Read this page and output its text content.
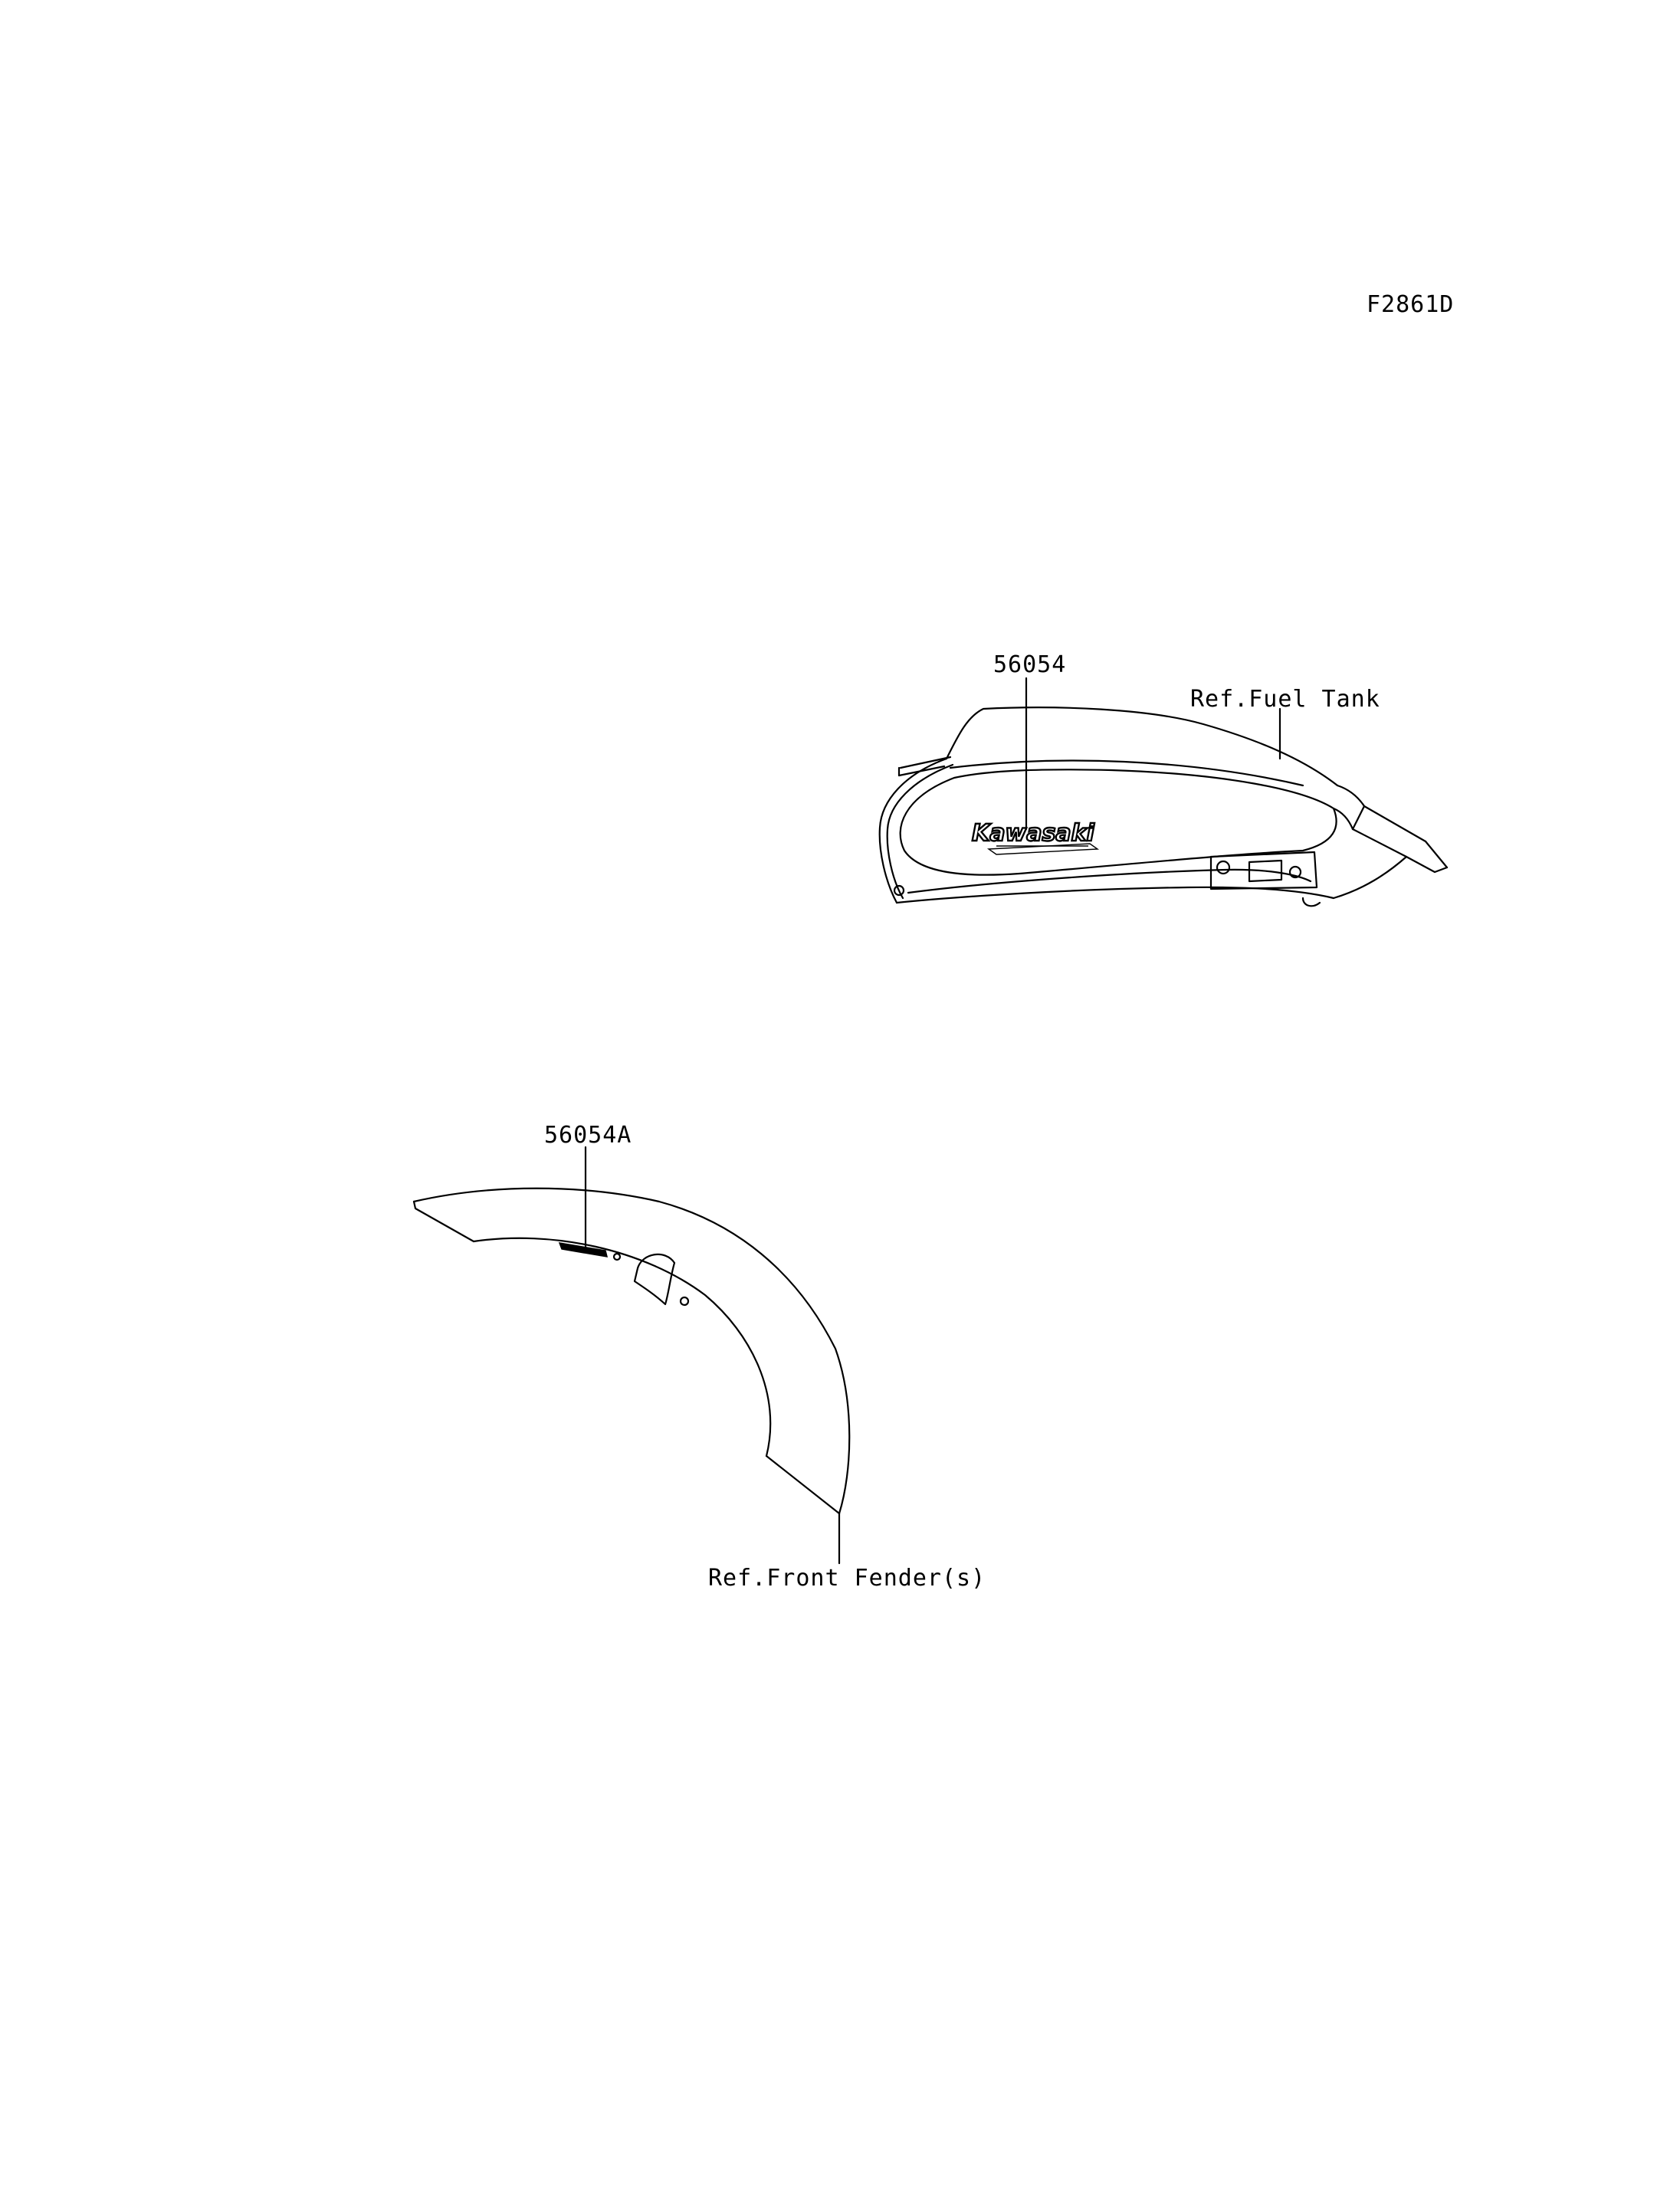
F2861D
56054
Ref.Fuel Tank
56054A
Ref.Front Fender(s)
Kawasaki
